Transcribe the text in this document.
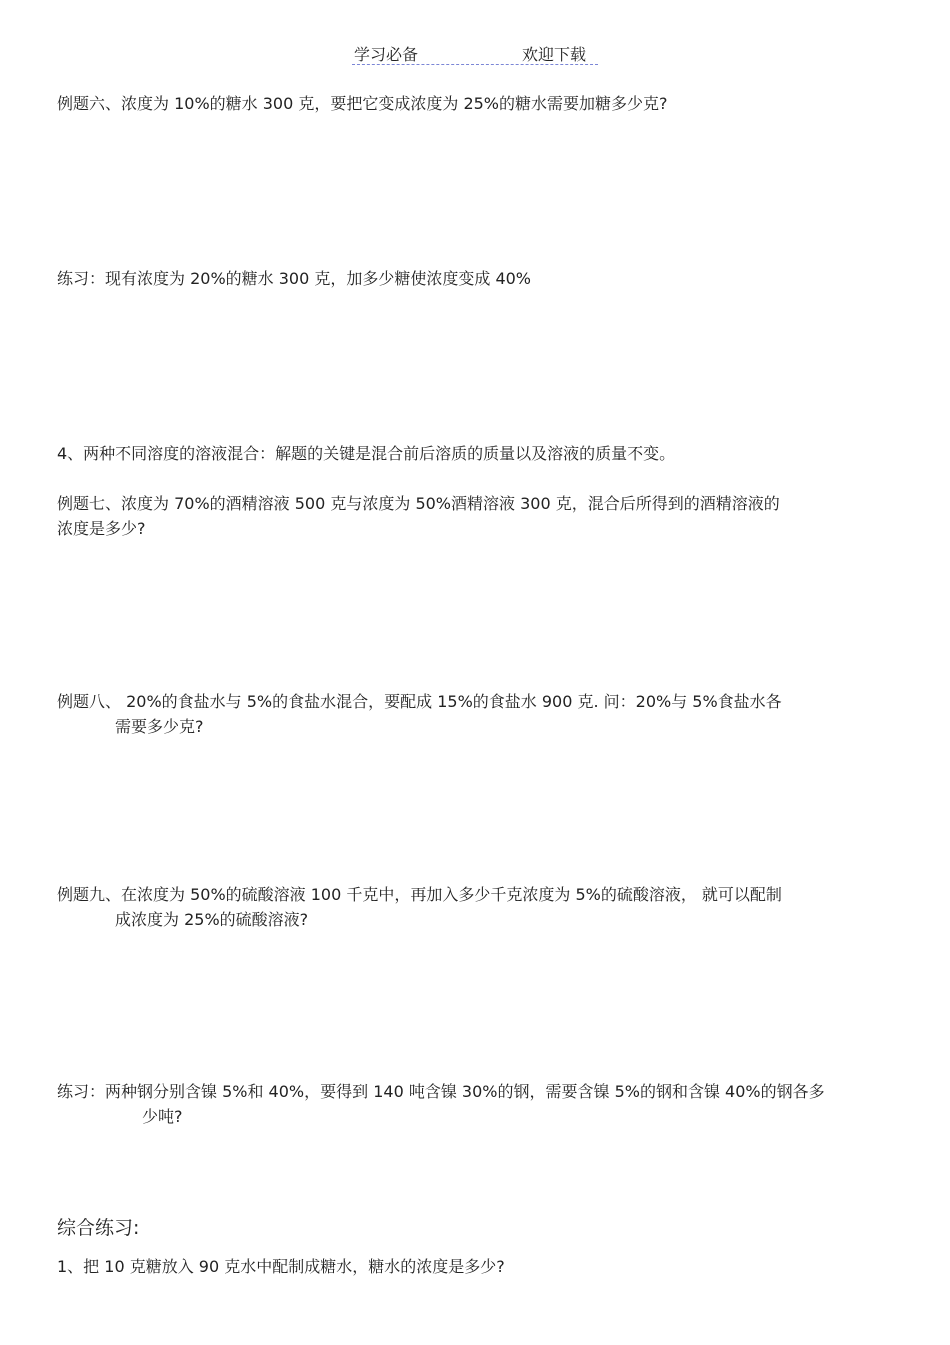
学习必备	欢迎下载
例题六、浓度为 10%的糖水 300 克，要把它变成浓度为 25%的糖水需要加糖多少克?
练习：现有浓度为 20%的糖水 300 克，加多少糖使浓度变成 40%
4、两种不同溶度的溶液混合：解题的关键是混合前后溶质的质量以及溶液的质量不变。
例题七、浓度为 70%的酒精溶液 500 克与浓度为 50%酒精溶液 300 克，混合后所得到的酒精溶液的
浓度是多少?
例题八、 20%的食盐水与 5%的食盐水混合，要配成 15%的食盐水 900 克. 问：20%与 5%食盐水各
需要多少克?
例题九、在浓度为 50%的硫酸溶液 100 千克中，再加入多少千克浓度为 5%的硫酸溶液， 就可以配制
成浓度为 25%的硫酸溶液?
练习：两种钢分别含镍 5%和 40%，要得到 140 吨含镍 30%的钢，需要含镍 5%的钢和含镍 40%的钢各多
少吨?
综合练习:
1、把 10 克糖放入 90 克水中配制成糖水，糖水的浓度是多少?
